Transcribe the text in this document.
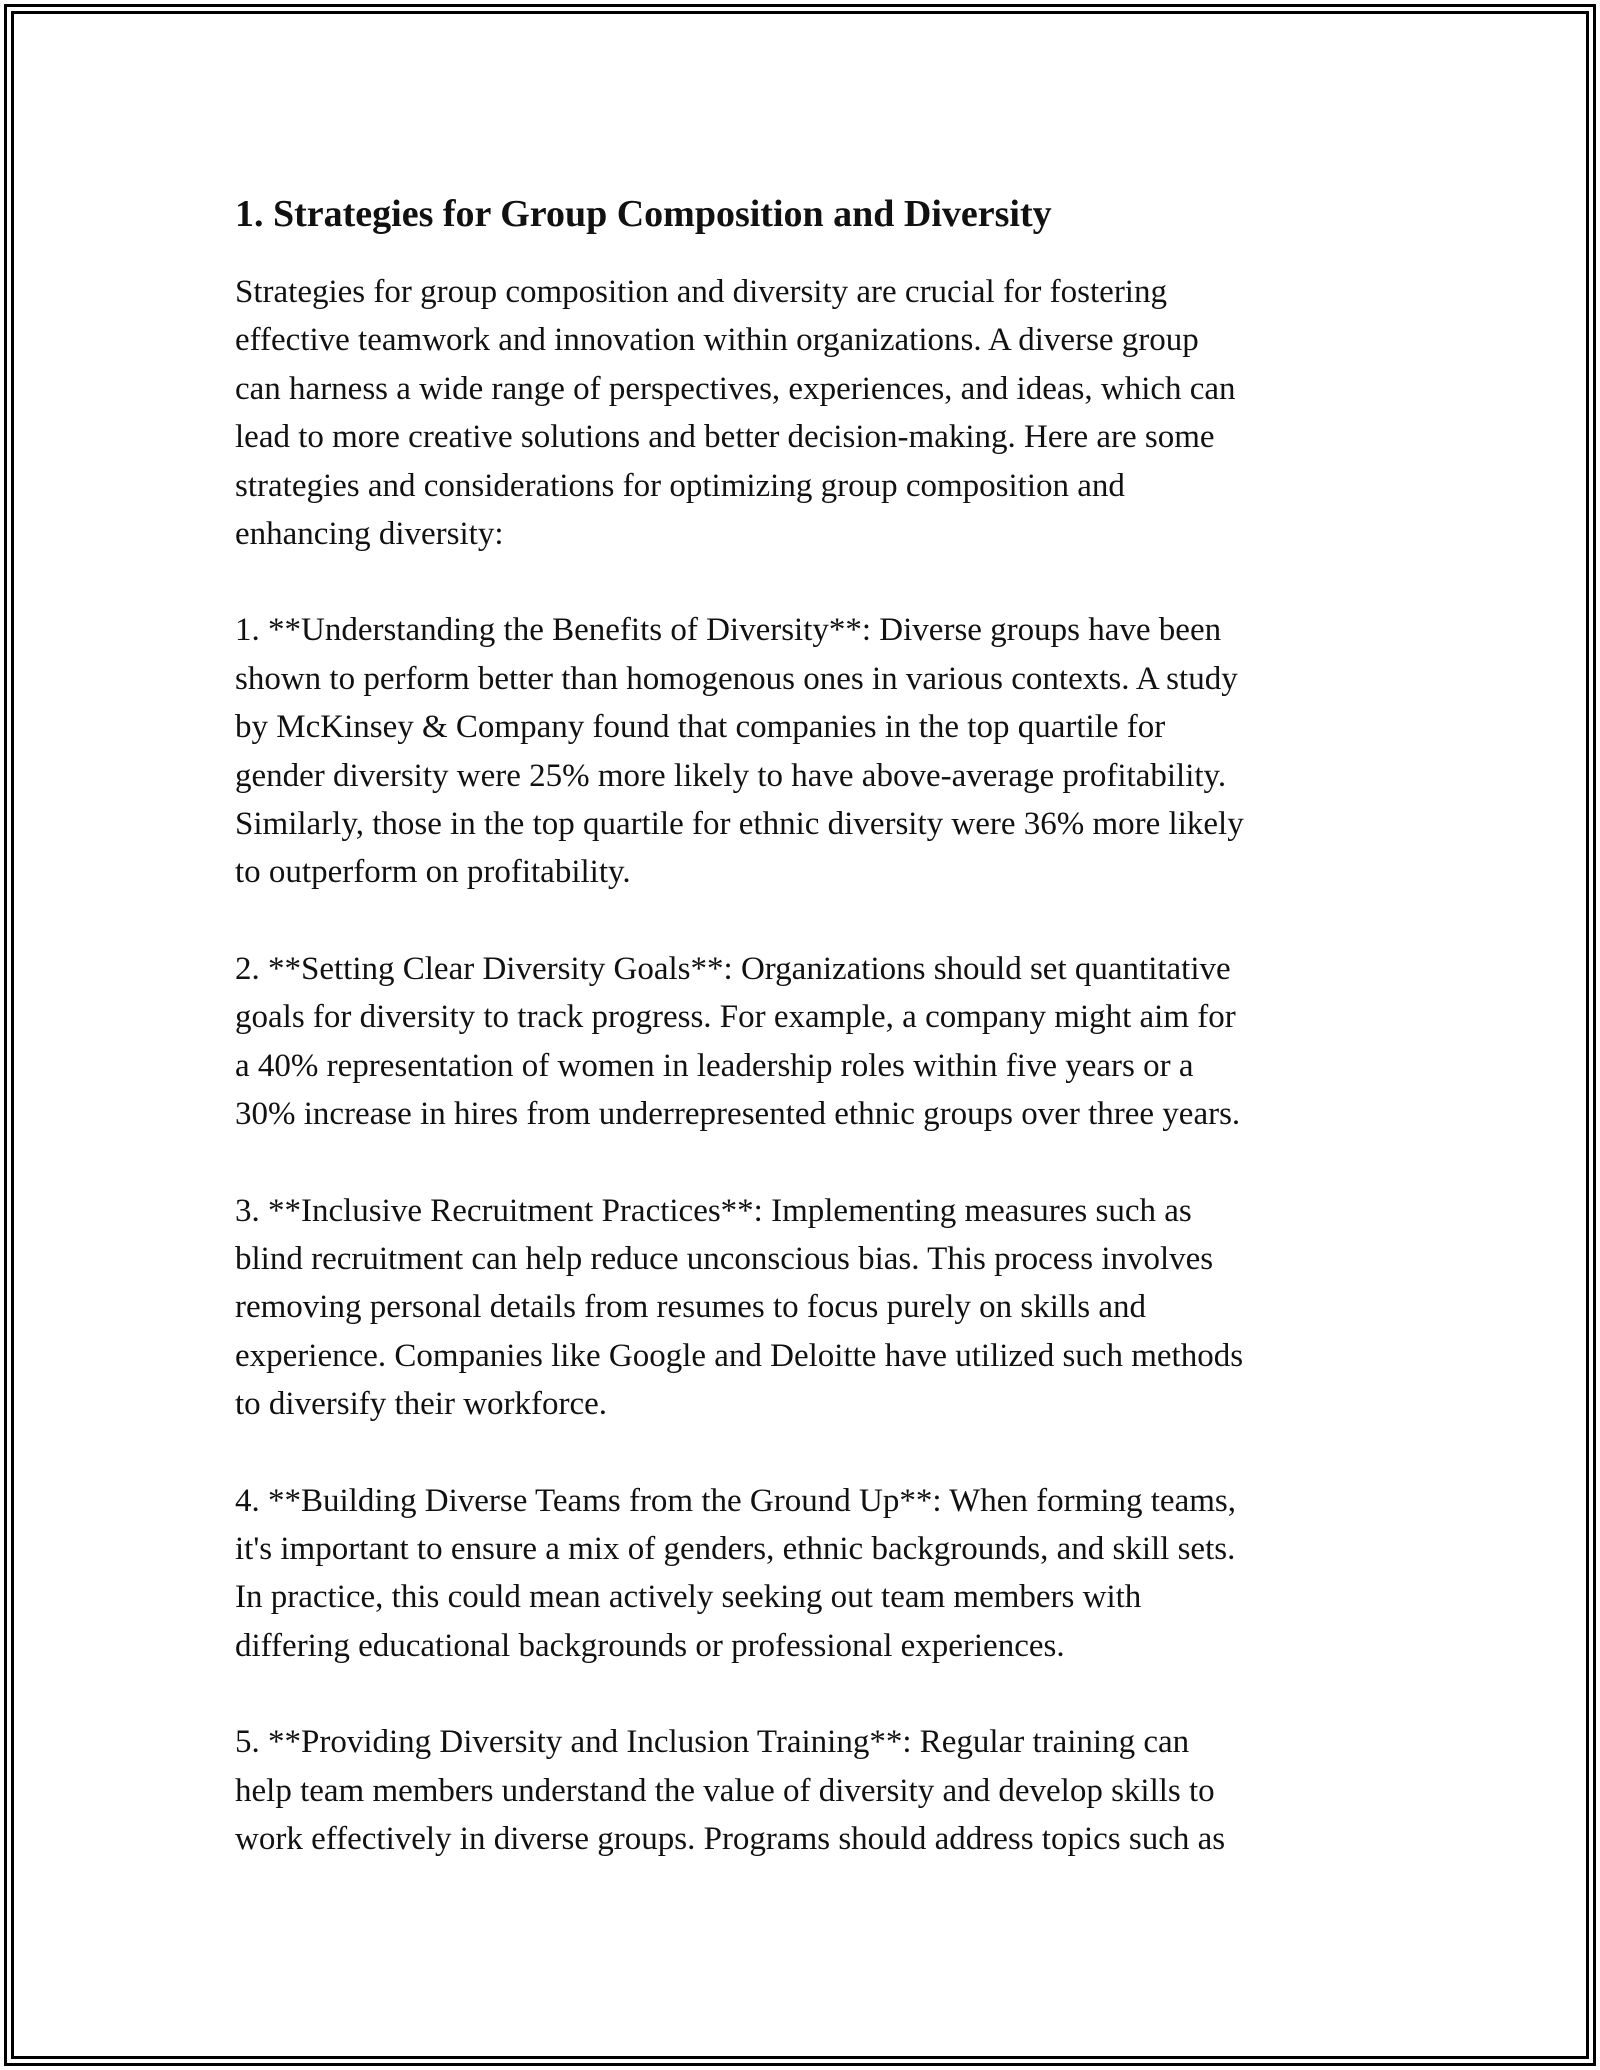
1. Strategies for Group Composition and Diversity

Strategies for group composition and diversity are crucial for fostering
effective teamwork and innovation within organizations. A diverse group
can harness a wide range of perspectives, experiences, and ideas, which can
lead to more creative solutions and better decision-making. Here are some
strategies and considerations for optimizing group composition and
enhancing diversity:

1. **Understanding the Benefits of Diversity**: Diverse groups have been
shown to perform better than homogenous ones in various contexts. A study
by McKinsey & Company found that companies in the top quartile for
gender diversity were 25% more likely to have above-average profitability.
Similarly, those in the top quartile for ethnic diversity were 36% more likely
to outperform on profitability.

2. **Setting Clear Diversity Goals**: Organizations should set quantitative
goals for diversity to track progress. For example, a company might aim for
a 40% representation of women in leadership roles within five years or a
30% increase in hires from underrepresented ethnic groups over three years.

3. **Inclusive Recruitment Practices**: Implementing measures such as
blind recruitment can help reduce unconscious bias. This process involves
removing personal details from resumes to focus purely on skills and
experience. Companies like Google and Deloitte have utilized such methods
to diversify their workforce.

4. **Building Diverse Teams from the Ground Up**: When forming teams,
it's important to ensure a mix of genders, ethnic backgrounds, and skill sets.
In practice, this could mean actively seeking out team members with
differing educational backgrounds or professional experiences.

5. **Providing Diversity and Inclusion Training**: Regular training can
help team members understand the value of diversity and develop skills to
work effectively in diverse groups. Programs should address topics such as
